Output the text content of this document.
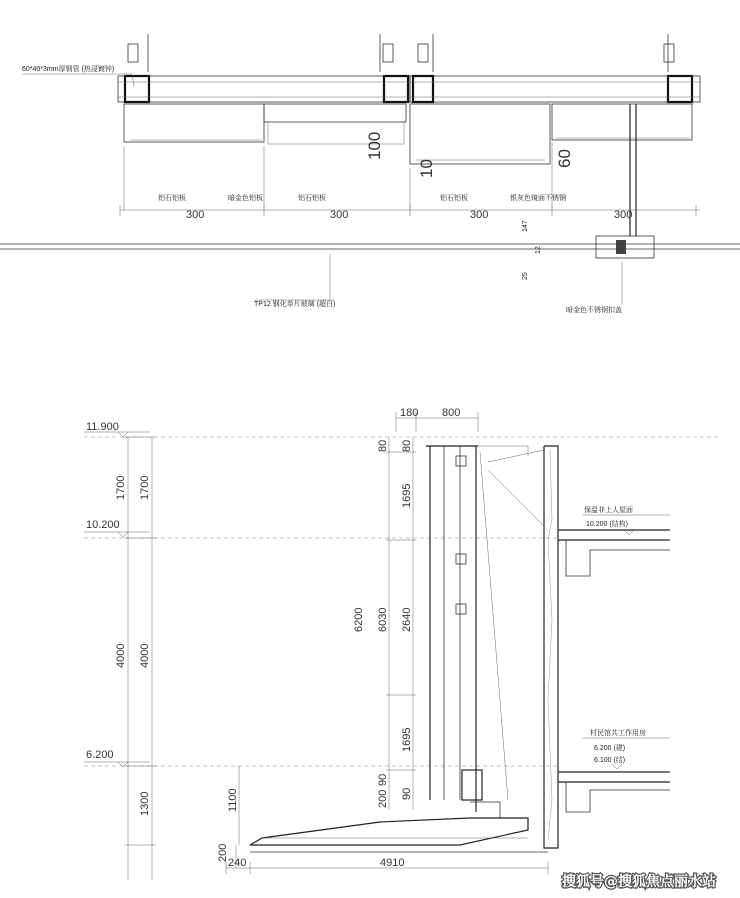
60*40*3mm厚钢管 (热浸镀锌)
300	300	300	300
铝石铝板	暗金色铝板	铝石铝板	铝石铝板	银灰色镜面不锈钢
100	60
10
147
12
25
TP12 钢化单片玻璃 (超白)
暗金色不锈钢扣盖
11.900
10.200
6.200
1700 1700
4000 4000
1300
180 800
80 80
1695
6200 6030 2640
1695
200
90
90
1100
200
240	4910
保温非上人屋面
10.200 (结构)
村民馆共工作用房
6.200 (建)
6.100 (结)
搜狐号@搜狐焦点丽水站
